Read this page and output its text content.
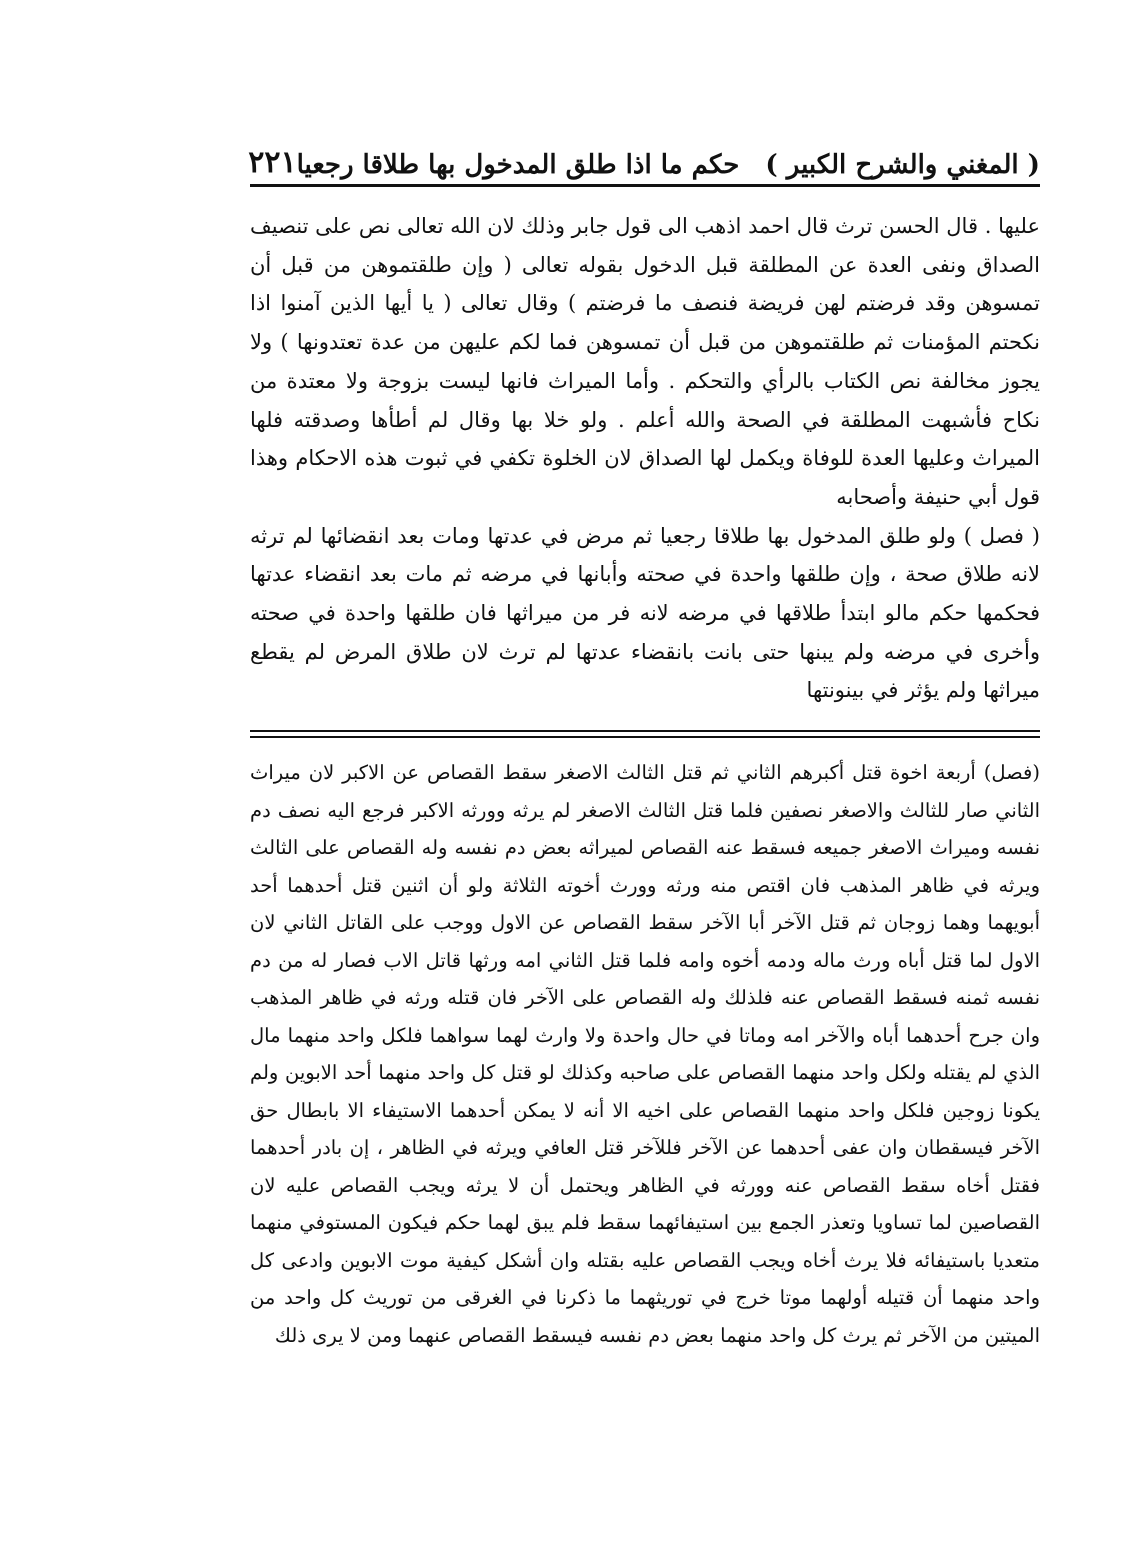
( المغني والشرح الكبير )
حكم ما اذا طلق المدخول بها طلاقا رجعيا
٢٢١

عليها . قال الحسن ترث قال احمد اذهب الى قول جابر وذلك لان الله تعالى نص على تنصيف الصداق ونفى العدة عن المطلقة قبل الدخول بقوله تعالى ( وإن طلقتموهن من قبل أن تمسوهن وقد فرضتم لهن فريضة فنصف ما فرضتم ) وقال تعالى ( يا أيها الذين آمنوا اذا نكحتم المؤمنات ثم طلقتموهن من قبل أن تمسوهن فما لكم عليهن من عدة تعتدونها ) ولا يجوز مخالفة نص الكتاب بالرأي والتحكم . وأما الميراث فانها ليست بزوجة ولا معتدة من نكاح فأشبهت المطلقة في الصحة والله أعلم . ولو خلا بها وقال لم أطأها وصدقته فلها الميراث وعليها العدة للوفاة ويكمل لها الصداق لان الخلوة تكفي في ثبوت هذه الاحكام وهذا قول أبي حنيفة وأصحابه

( فصل ) ولو طلق المدخول بها طلاقا رجعيا ثم مرض في عدتها ومات بعد انقضائها لم ترثه لانه طلاق صحة ، وإن طلقها واحدة في صحته وأبانها في مرضه ثم مات بعد انقضاء عدتها فحكمها حكم مالو ابتدأ طلاقها في مرضه لانه فر من ميراثها فان طلقها واحدة في صحته وأخرى في مرضه ولم يبنها حتى بانت بانقضاء عدتها لم ترث لان طلاق المرض لم يقطع ميراثها ولم يؤثر في بينونتها

(فصل) أربعة اخوة قتل أكبرهم الثاني ثم قتل الثالث الاصغر سقط القصاص عن الاكبر لان ميراث الثاني صار للثالث والاصغر نصفين فلما قتل الثالث الاصغر لم يرثه وورثه الاكبر فرجع اليه نصف دم نفسه وميراث الاصغر جميعه فسقط عنه القصاص لميراثه بعض دم نفسه وله القصاص على الثالث ويرثه في ظاهر المذهب فان اقتص منه ورثه وورث أخوته الثلاثة ولو أن اثنين قتل أحدهما أحد أبويهما وهما زوجان ثم قتل الآخر أبا الآخر سقط القصاص عن الاول ووجب على القاتل الثاني لان الاول لما قتل أباه ورث ماله ودمه أخوه وامه فلما قتل الثاني امه ورثها قاتل الاب فصار له من دم نفسه ثمنه فسقط القصاص عنه فلذلك وله القصاص على الآخر فان قتله ورثه في ظاهر المذهب وان جرح أحدهما أباه والآخر امه وماتا في حال واحدة ولا وارث لهما سواهما فلكل واحد منهما مال الذي لم يقتله ولكل واحد منهما القصاص على صاحبه وكذلك لو قتل كل واحد منهما أحد الابوين ولم يكونا زوجين فلكل واحد منهما القصاص على اخيه الا أنه لا يمكن أحدهما الاستيفاء الا بابطال حق الآخر فيسقطان وان عفى أحدهما عن الآخر فللآخر قتل العافي ويرثه في الظاهر ، إن بادر أحدهما فقتل أخاه سقط القصاص عنه وورثه في الظاهر ويحتمل أن لا يرثه ويجب القصاص عليه لان القصاصين لما تساويا وتعذر الجمع بين استيفائهما سقط فلم يبق لهما حكم فيكون المستوفي منهما متعديا باستيفائه فلا يرث أخاه ويجب القصاص عليه بقتله وان أشكل كيفية موت الابوين وادعى كل واحد منهما أن قتيله أولهما موتا خرج في توريثهما ما ذكرنا في الغرقى من توريث كل واحد من الميتين من الآخر ثم يرث كل واحد منهما بعض دم نفسه فيسقط القصاص عنهما ومن لا يرى ذلك
